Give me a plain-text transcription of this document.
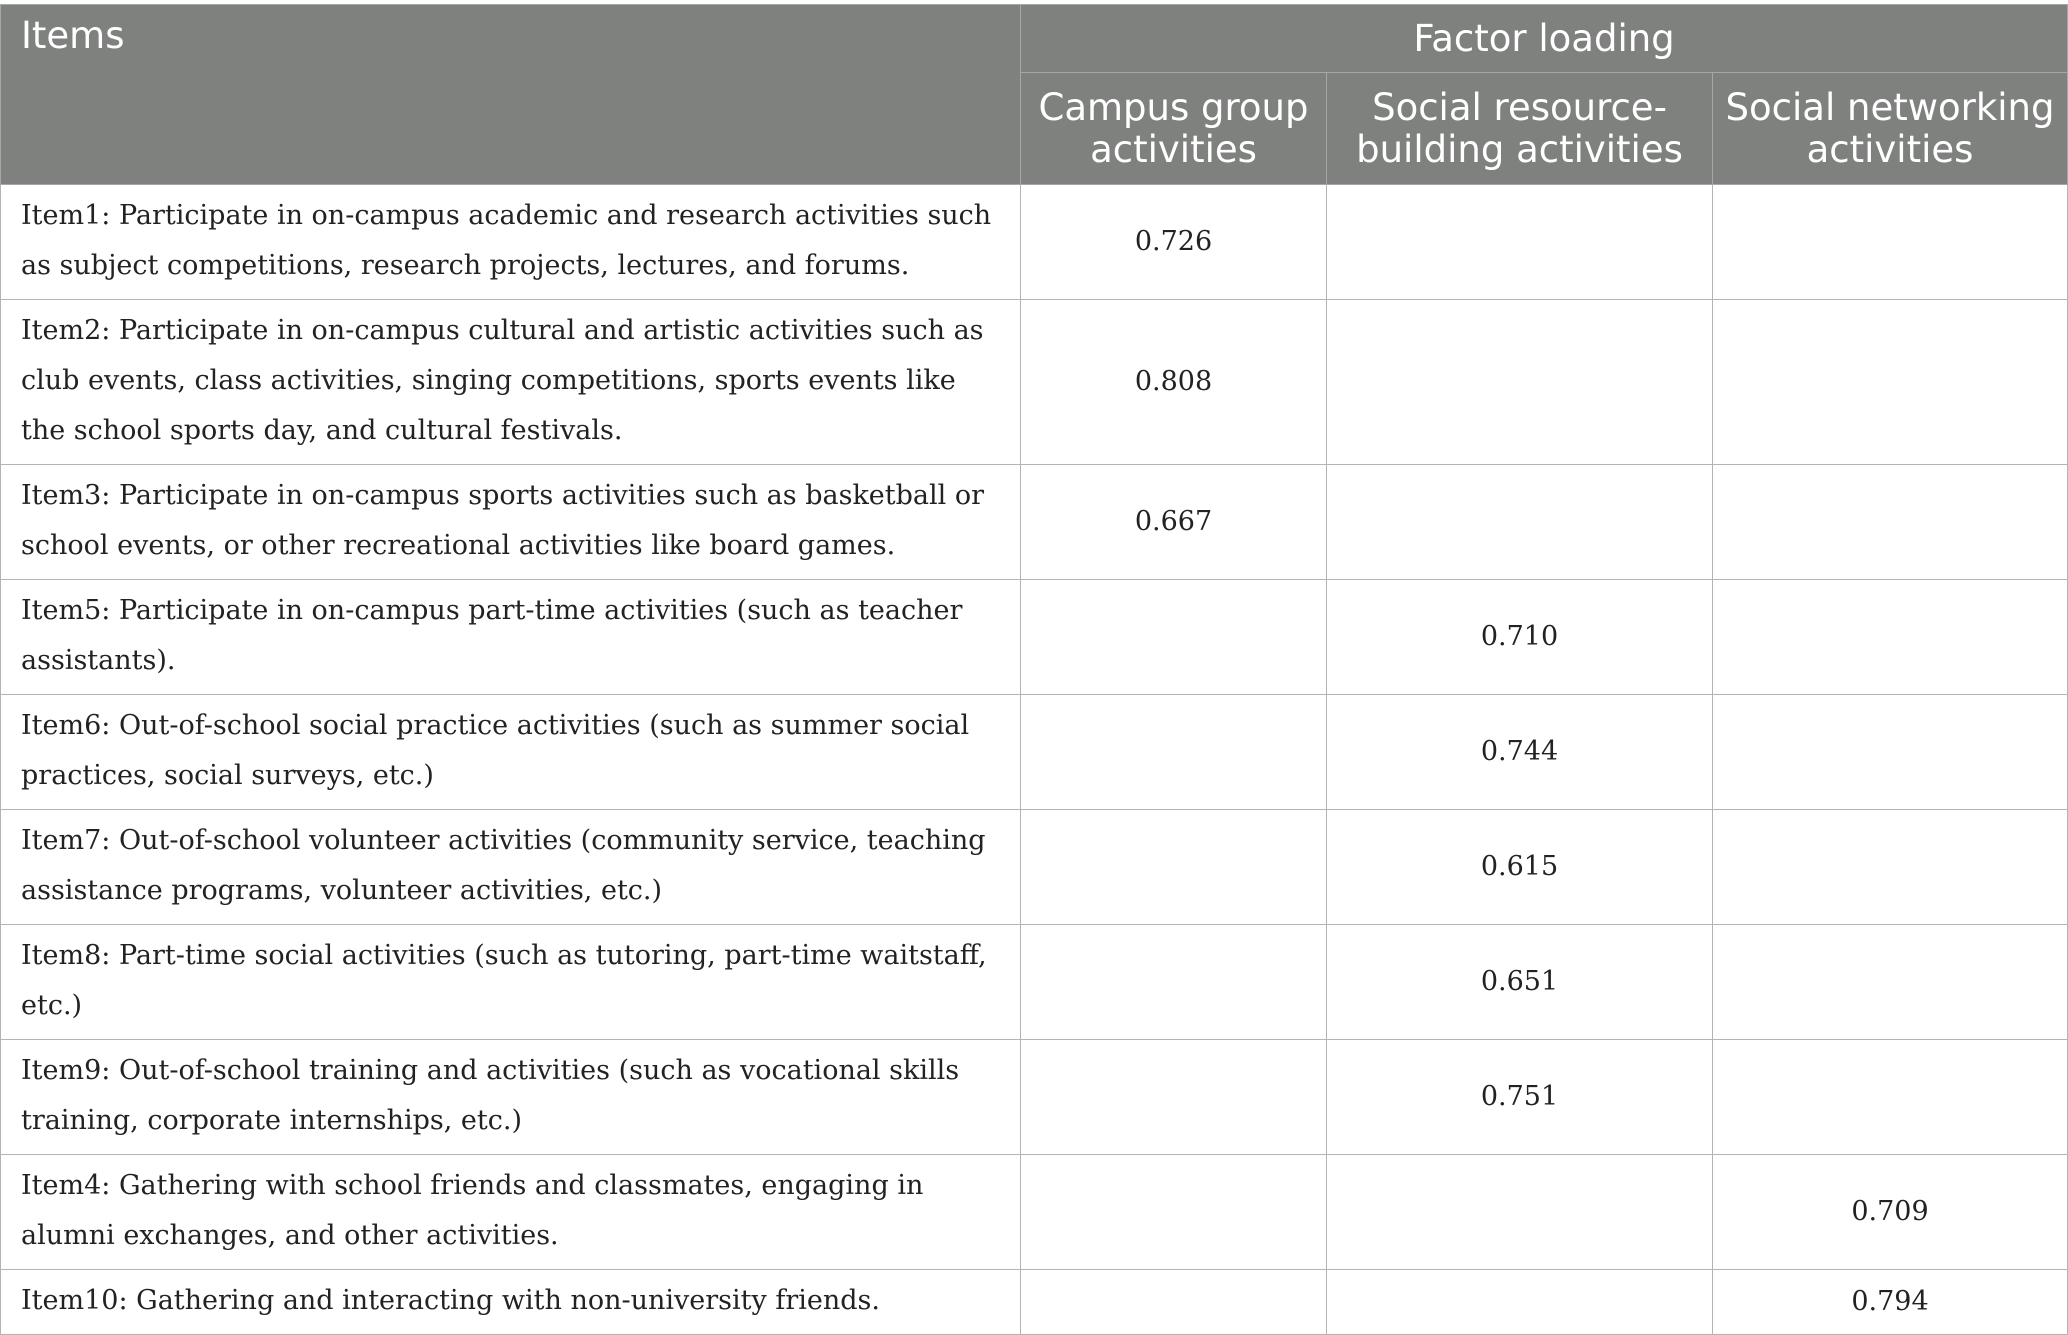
Items	Factor loading		
	Campus group activities	Social resource-building activities	Social networking activities
Item1: Participate in on-campus academic and research activities such as subject competitions, research projects, lectures, and forums.	0.726		
Item2: Participate in on-campus cultural and artistic activities such as club events, class activities, singing competitions, sports events like the school sports day, and cultural festivals.	0.808		
Item3: Participate in on-campus sports activities such as basketball or school events, or other recreational activities like board games.	0.667		
Item5: Participate in on-campus part-time activities (such as teacher assistants).		0.710	
Item6: Out-of-school social practice activities (such as summer social practices, social surveys, etc.)		0.744	
Item7: Out-of-school volunteer activities (community service, teaching assistance programs, volunteer activities, etc.)		0.615	
Item8: Part-time social activities (such as tutoring, part-time waitstaff, etc.)		0.651	
Item9: Out-of-school training and activities (such as vocational skills training, corporate internships, etc.)		0.751	
Item4: Gathering with school friends and classmates, engaging in alumni exchanges, and other activities.			0.709
Item10: Gathering and interacting with non-university friends.			0.794
